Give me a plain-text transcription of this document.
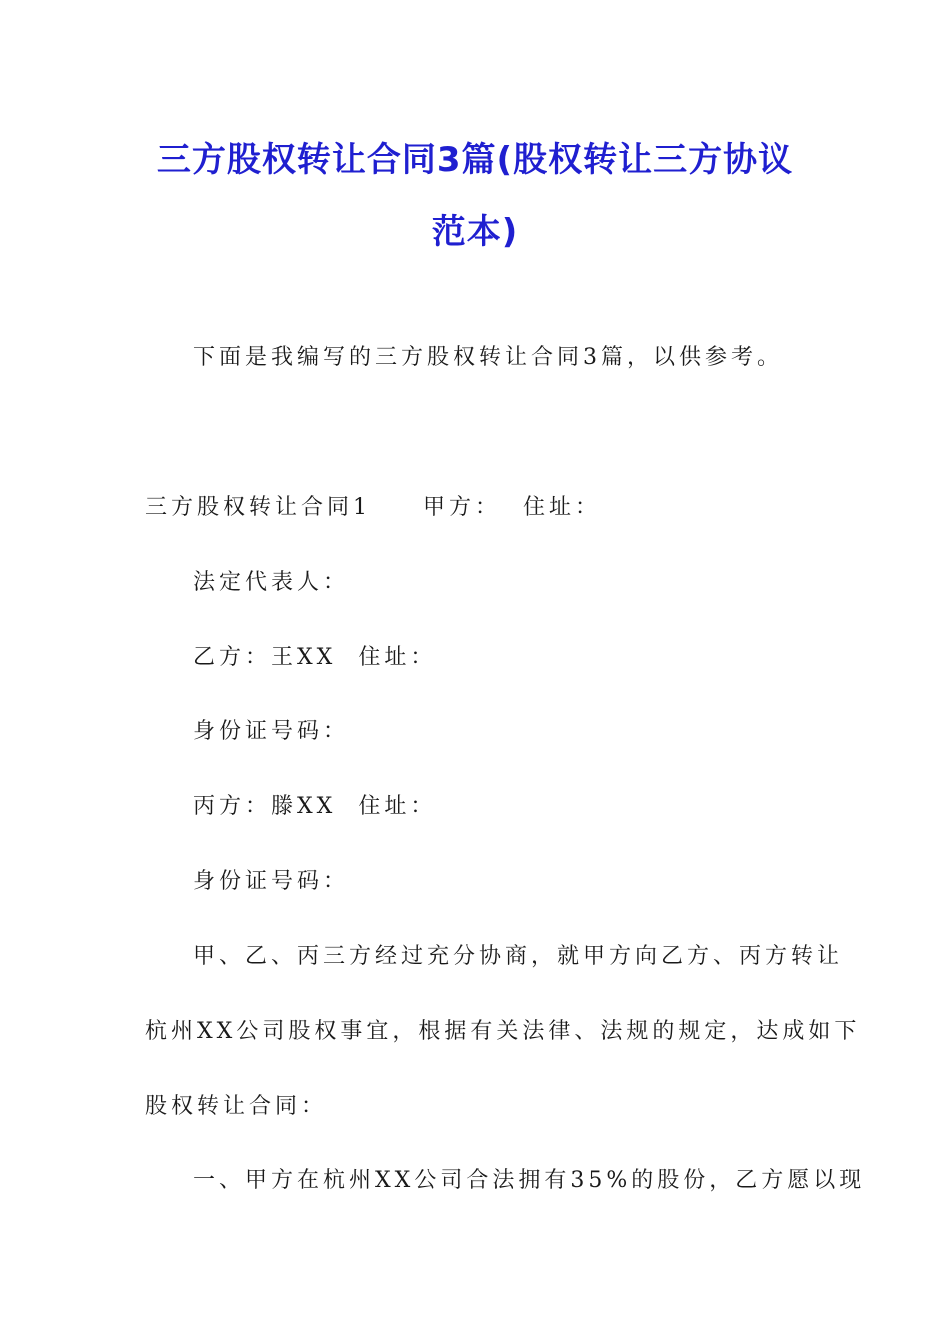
三方股权转让合同3篇(股权转让三方协议
范本)
下面是我编写的三方股权转让合同3篇，以供参考。
三方股权转让合同1 甲方： 住址：
法定代表人：
乙方：王XX 住址：
身份证号码：
丙方：滕XX 住址：
身份证号码：
甲、乙、丙三方经过充分协商，就甲方向乙方、丙方转让
杭州XX公司股权事宜，根据有关法律、法规的规定，达成如下
股权转让合同：
一、甲方在杭州XX公司合法拥有35%的股份，乙方愿以现
